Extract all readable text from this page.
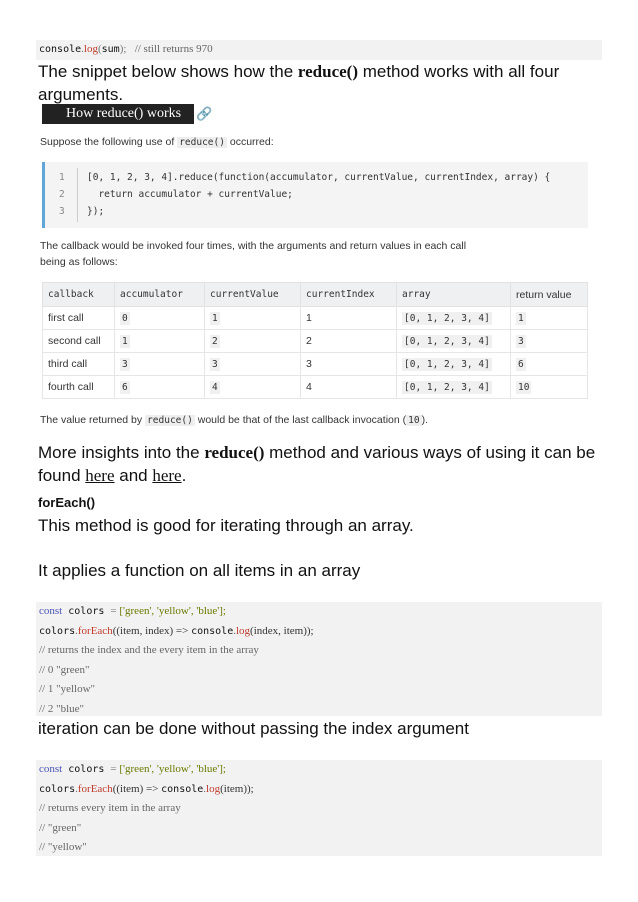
console.log(sum); // still returns 970
The snippet below shows how the reduce() method works with all four arguments.
How reduce() works	🔗
Suppose the following use of reduce() occurred:
1 [0, 1, 2, 3, 4].reduce(function(accumulator, currentValue, currentIndex, array) {
2 return accumulator + currentValue;
3 });
The callback would be invoked four times, with the arguments and return values in each call
being as follows:
callback	accumulator	currentValue	currentIndex	array	return value
first call	0	1	1	[0, 1, 2, 3, 4]	1
second call	1	2	2	[0, 1, 2, 3, 4]	3
third call	3	3	3	[0, 1, 2, 3, 4]	6
fourth call	6	4	4	[0, 1, 2, 3, 4]	10
The value returned by reduce() would be that of the last callback invocation ( 10 ).
More insights into the reduce() method and various ways of using it can be found here and here.
forEach()
This method is good for iterating through an array.
It applies a function on all items in an array
const colors = ['green', 'yellow', 'blue'];
colors.forEach((item, index) => console.log(index, item));
// returns the index and the every item in the array
// 0 "green"
// 1 "yellow"
// 2 "blue"
iteration can be done without passing the index argument
const colors = ['green', 'yellow', 'blue'];
colors.forEach((item) => console.log(item));
// returns every item in the array
// "green"
// "yellow"
